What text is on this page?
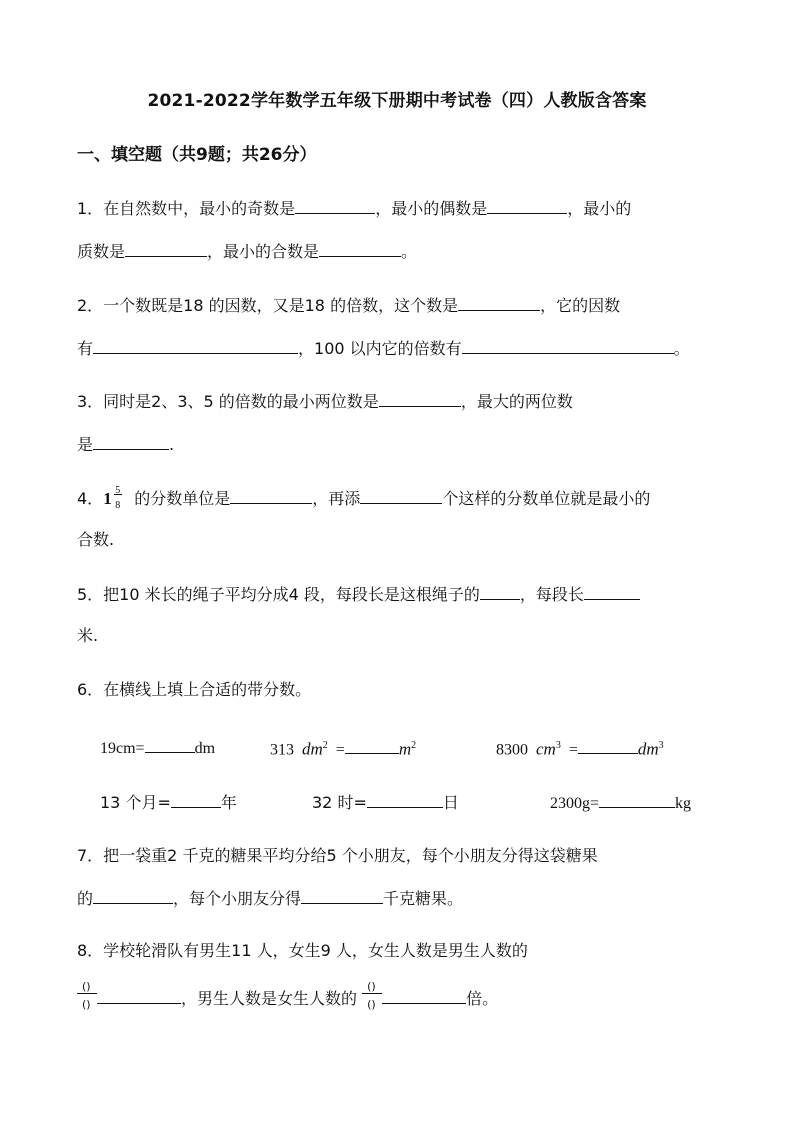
2021-2022学年数学五年级下册期中考试卷（四）人教版含答案
一、填空题（共9题；共26分）
1．在自然数中，最小的奇数是	，最小的偶数是	，最小的
质数是	，最小的合数是	。
2．一个数既是18 的因数，又是18 的倍数，这个数是	，它的因数
有	，100 以内它的倍数有	。
3．同时是2、3、5 的倍数的最小两位数是	，最大的两位数
是	.
4． 1 5
8 的分数单位是	，再添	个这样的分数单位就是最小的
合数.
5．把10 米长的绳子平均分成4 段，每段长是这根绳子的	，每段长
米.
6．在横线上填上合适的带分数。
19cm=	dm	313 $dm^2$ =	$m^2$	8300 $cm^3$ =	$dm^3$
13 个月=	年	32 时=	日	2300g=	kg
7．把一袋重2 千克的糖果平均分给5 个小朋友，每个小朋友分得这袋糖果
的	，每个小朋友分得	千克糖果。
8．学校轮滑队有男生11 人，女生9 人，女生人数是男生人数的
$\frac{()}{()}$	，男生人数是女生人数的 $\frac{()}{()}$	倍。
